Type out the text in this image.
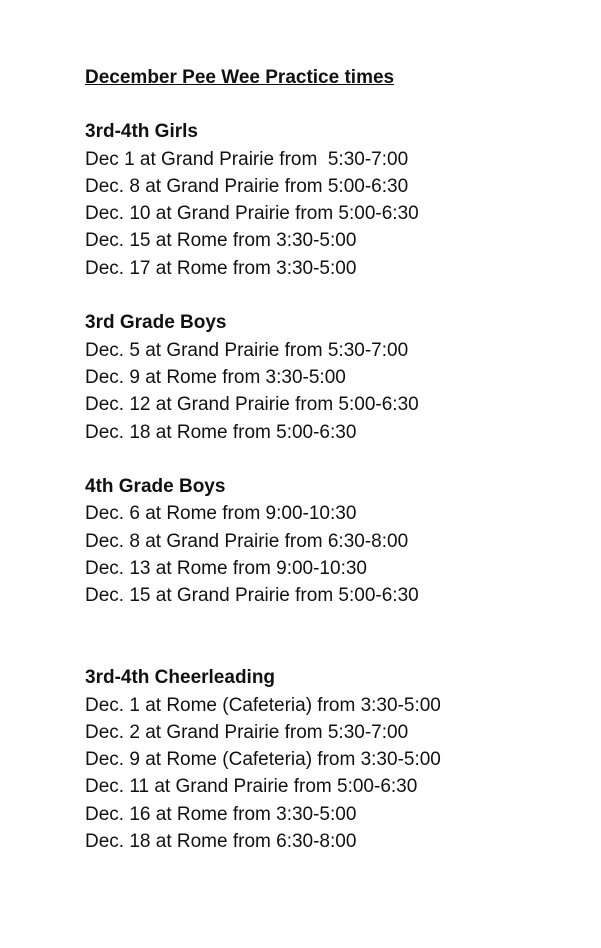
December Pee Wee Practice times
3rd-4th Girls
Dec 1 at Grand Prairie from  5:30-7:00
Dec. 8 at Grand Prairie from 5:00-6:30
Dec. 10 at Grand Prairie from 5:00-6:30
Dec. 15 at Rome from 3:30-5:00
Dec. 17 at Rome from 3:30-5:00
3rd Grade Boys
Dec. 5 at Grand Prairie from 5:30-7:00
Dec. 9 at Rome from 3:30-5:00
Dec. 12 at Grand Prairie from 5:00-6:30
Dec. 18 at Rome from 5:00-6:30
4th Grade Boys
Dec. 6 at Rome from 9:00-10:30
Dec. 8 at Grand Prairie from 6:30-8:00
Dec. 13 at Rome from 9:00-10:30
Dec. 15 at Grand Prairie from 5:00-6:30
3rd-4th Cheerleading
Dec. 1 at Rome (Cafeteria) from 3:30-5:00
Dec. 2 at Grand Prairie from 5:30-7:00
Dec. 9 at Rome (Cafeteria) from 3:30-5:00
Dec. 11 at Grand Prairie from 5:00-6:30
Dec. 16 at Rome from 3:30-5:00
Dec. 18 at Rome from 6:30-8:00
